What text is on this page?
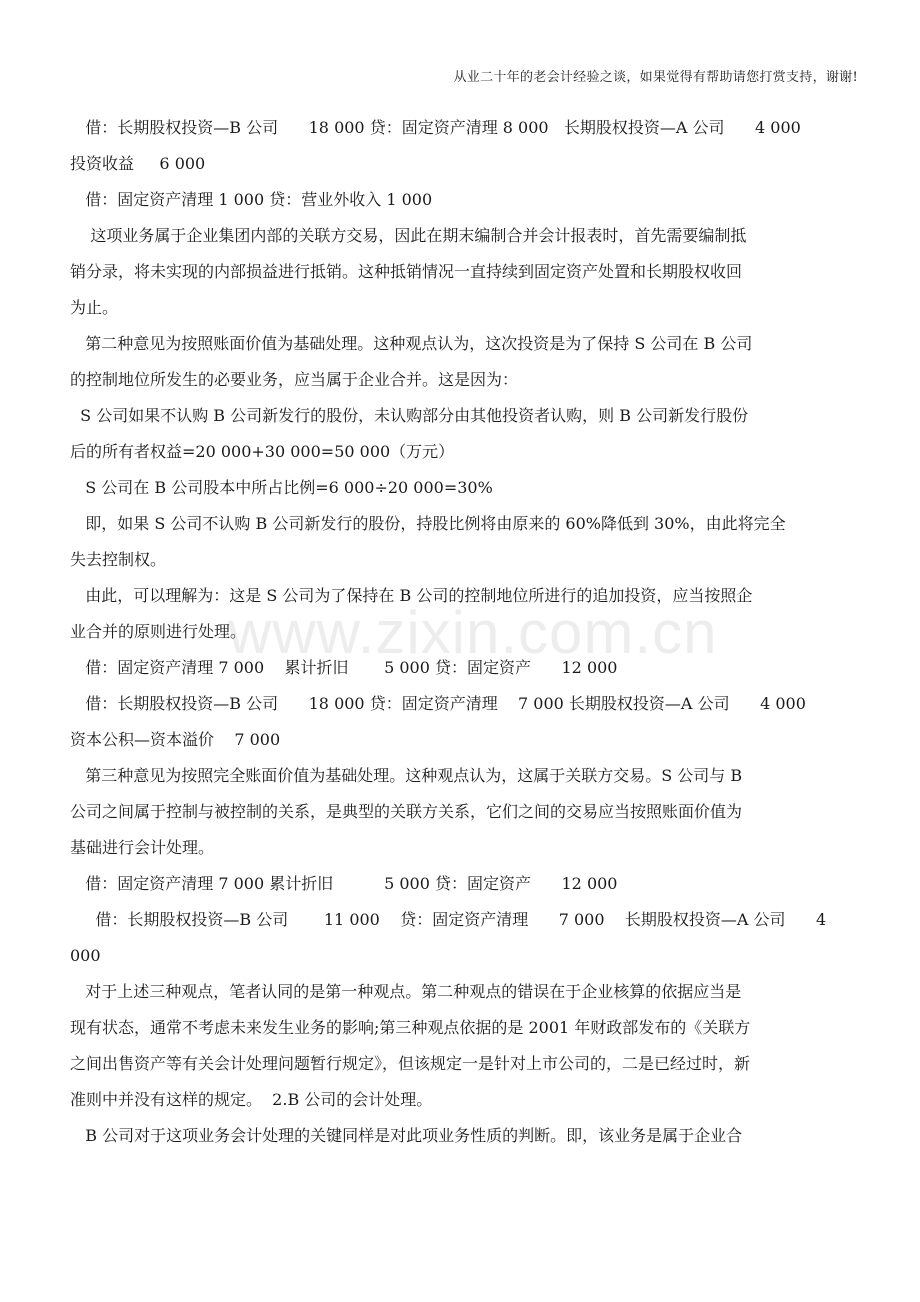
从业二十年的老会计经验之谈，如果觉得有帮助请您打赏支持，谢谢!
www.zixin.com.cn
借：长期股权投资—B 公司      18 000 贷：固定资产清理 8 000   长期股权投资—A 公司      4 000
投资收益     6 000
借：固定资产清理 1 000 贷：营业外收入 1 000
这项业务属于企业集团内部的关联方交易，因此在期末编制合并会计报表时，首先需要编制抵
销分录，将未实现的内部损益进行抵销。这种抵销情况一直持续到固定资产处置和长期股权收回
为止。
第二种意见为按照账面价值为基础处理。这种观点认为，这次投资是为了保持 S 公司在 B 公司
的控制地位所发生的必要业务，应当属于企业合并。这是因为：
S 公司如果不认购 B 公司新发行的股份，未认购部分由其他投资者认购，则 B 公司新发行股份
后的所有者权益=20 000+30 000=50 000（万元）
S 公司在 B 公司股本中所占比例=6 000÷20 000=30%
即，如果 S 公司不认购 B 公司新发行的股份，持股比例将由原来的 60%降低到 30%，由此将完全
失去控制权。
由此，可以理解为：这是 S 公司为了保持在 B 公司的控制地位所进行的追加投资，应当按照企
业合并的原则进行处理。
借：固定资产清理 7 000    累计折旧       5 000 贷：固定资产      12 000
借：长期股权投资—B 公司      18 000 贷：固定资产清理    7 000 长期股权投资—A 公司      4 000
资本公积—资本溢价    7 000
第三种意见为按照完全账面价值为基础处理。这种观点认为，这属于关联方交易。S 公司与 B
公司之间属于控制与被控制的关系，是典型的关联方关系，它们之间的交易应当按照账面价值为
基础进行会计处理。
借：固定资产清理 7 000 累计折旧          5 000 贷：固定资产      12 000
借：长期股权投资—B 公司       11 000    贷：固定资产清理      7 000    长期股权投资—A 公司      4
000
对于上述三种观点，笔者认同的是第一种观点。第二种观点的错误在于企业核算的依据应当是
现有状态，通常不考虑未来发生业务的影响;第三种观点依据的是 2001 年财政部发布的《关联方
之间出售资产等有关会计处理问题暂行规定》，但该规定一是针对上市公司的，二是已经过时，新
准则中并没有这样的规定。  2.B 公司的会计处理。
B 公司对于这项业务会计处理的关键同样是对此项业务性质的判断。即，该业务是属于企业合
